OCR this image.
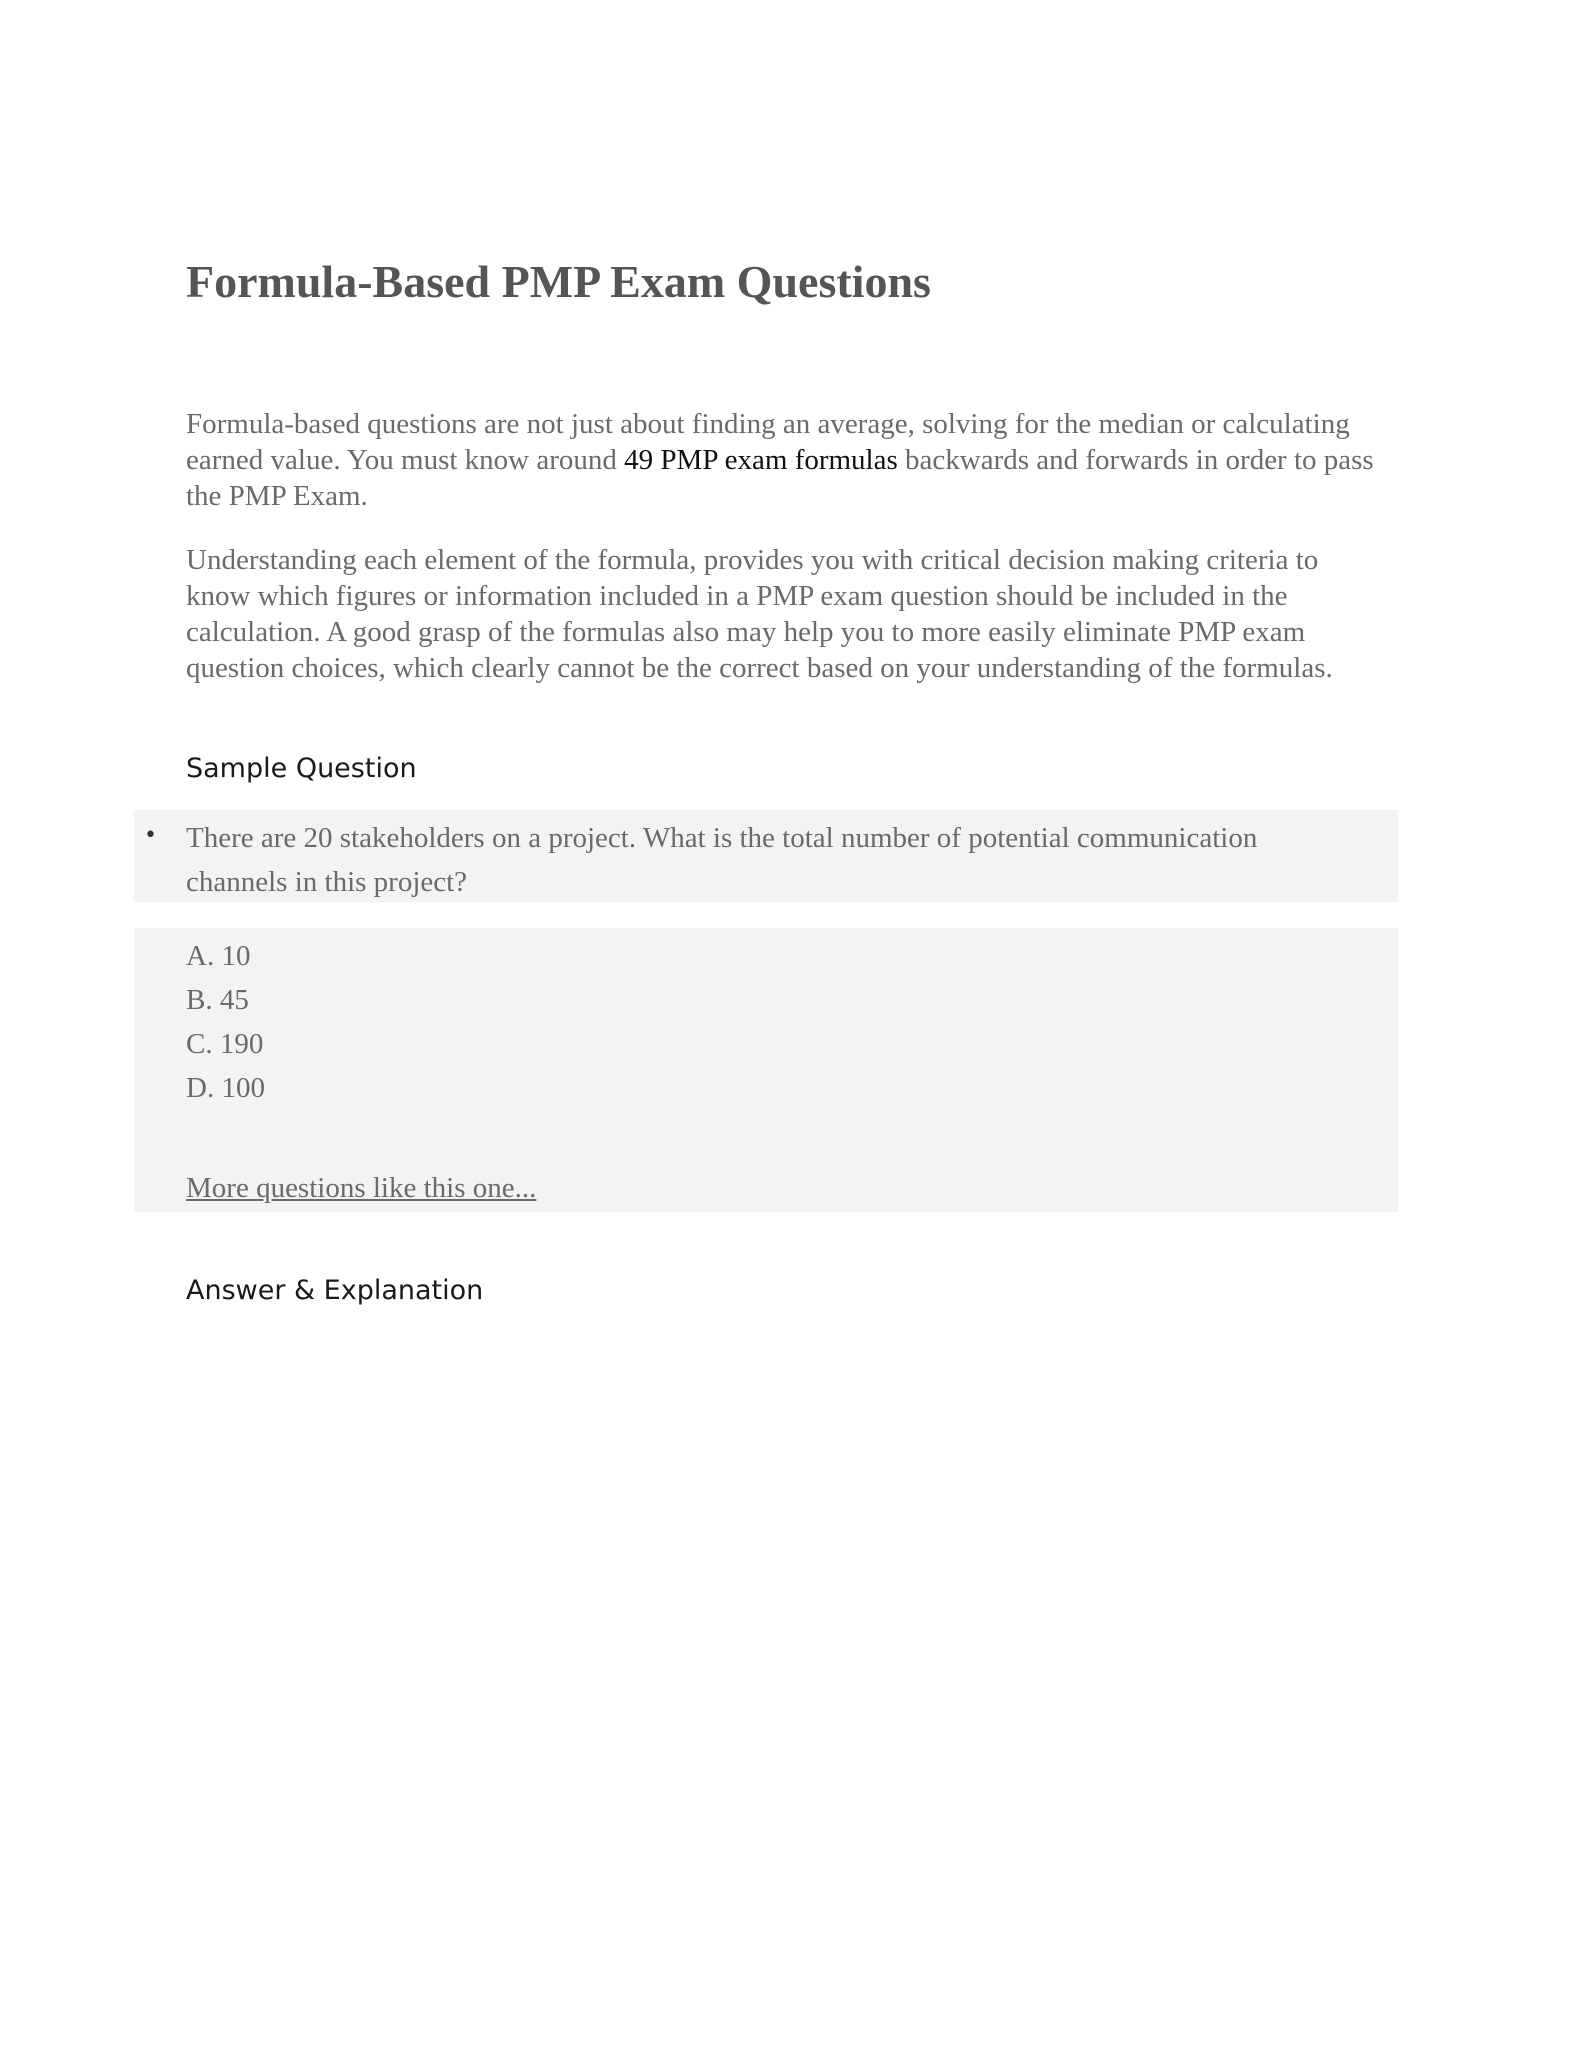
Formula-Based PMP Exam Questions

Formula-based questions are not just about finding an average, solving for the median or calculating earned value. You must know around 49 PMP exam formulas backwards and forwards in order to pass the PMP Exam.

Understanding each element of the formula, provides you with critical decision making criteria to know which figures or information included in a PMP exam question should be included in the calculation. A good grasp of the formulas also may help you to more easily eliminate PMP exam question choices, which clearly cannot be the correct based on your understanding of the formulas.

Sample Question
• There are 20 stakeholders on a project. What is the total number of potential communication channels in this project?

A. 10
B. 45
C. 190
D. 100
More questions like this one...
Answer & Explanation
